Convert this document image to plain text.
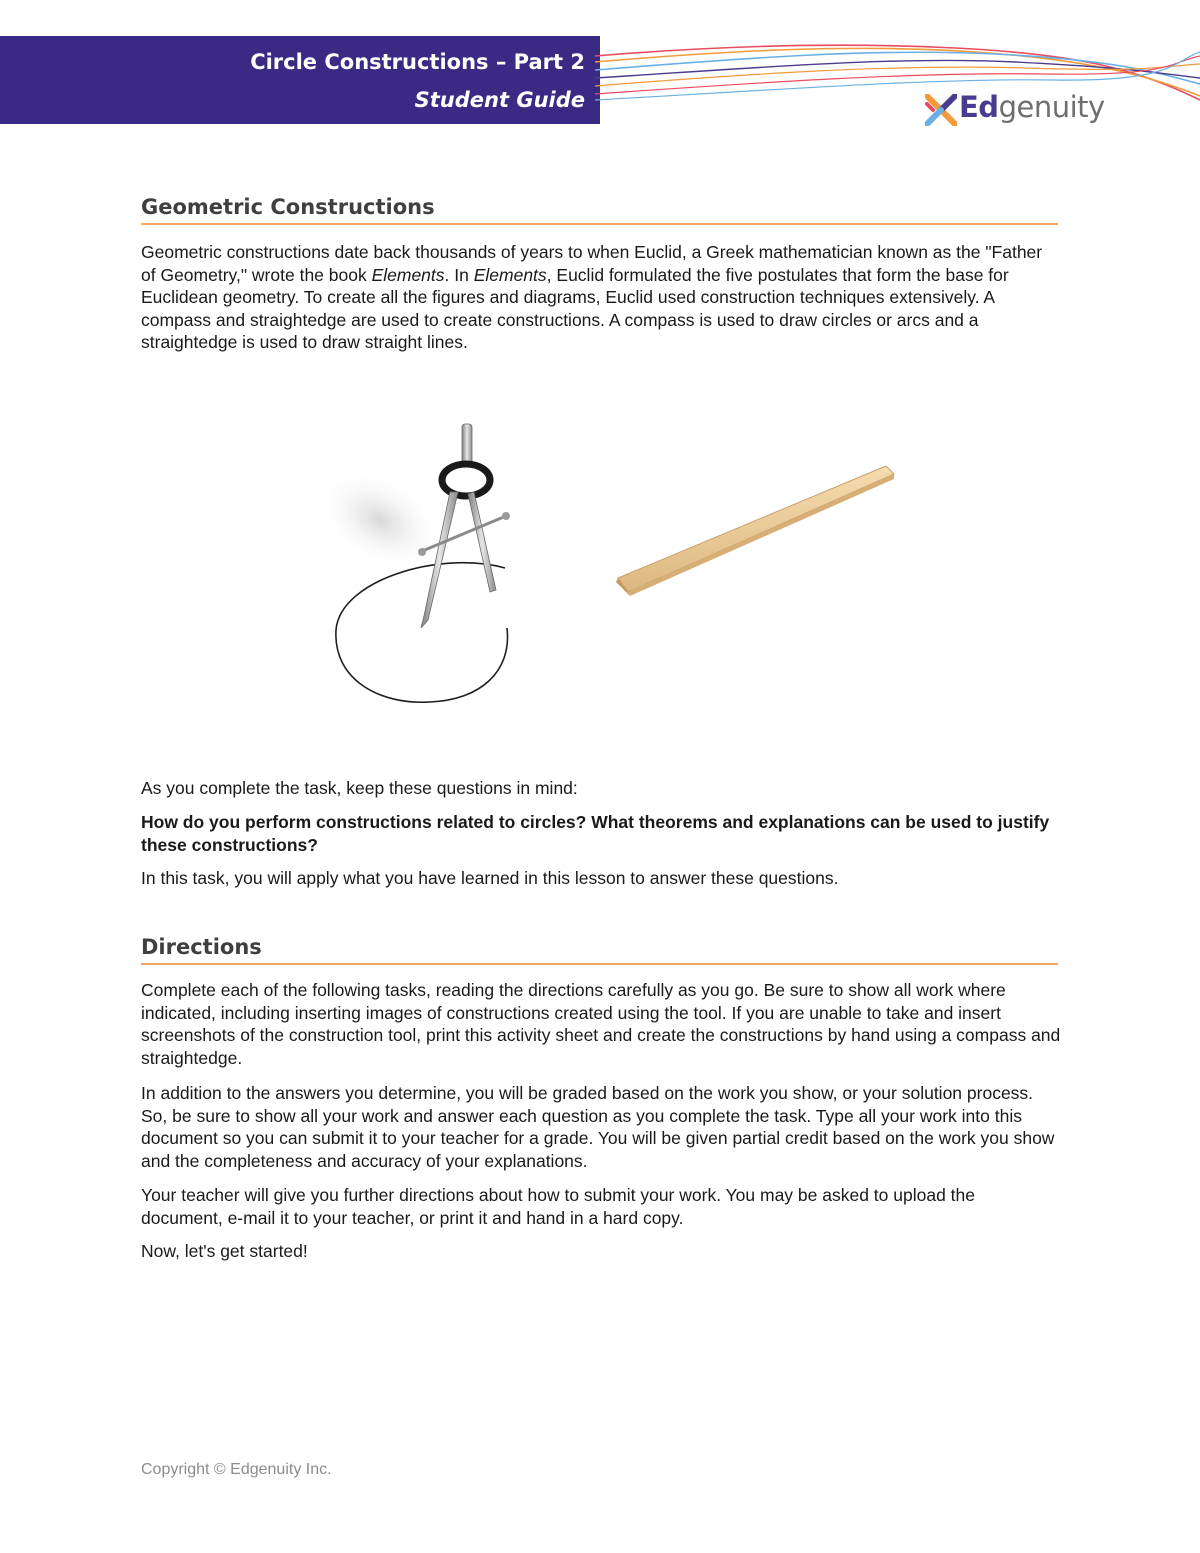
Circle Constructions – Part 2
Student Guide	Edgenuity
Geometric Constructions
Geometric constructions date back thousands of years to when Euclid, a Greek mathematician known as the "Father of Geometry," wrote the book Elements. In Elements, Euclid formulated the five postulates that form the base for Euclidean geometry. To create all the figures and diagrams, Euclid used construction techniques extensively. A compass and straightedge are used to create constructions. A compass is used to draw circles or arcs and a straightedge is used to draw straight lines.
As you complete the task, keep these questions in mind:
How do you perform constructions related to circles? What theorems and explanations can be used to justify these constructions?
In this task, you will apply what you have learned in this lesson to answer these questions.
Directions
Complete each of the following tasks, reading the directions carefully as you go. Be sure to show all work where indicated, including inserting images of constructions created using the tool. If you are unable to take and insert screenshots of the construction tool, print this activity sheet and create the constructions by hand using a compass and straightedge.
In addition to the answers you determine, you will be graded based on the work you show, or your solution process. So, be sure to show all your work and answer each question as you complete the task. Type all your work into this document so you can submit it to your teacher for a grade. You will be given partial credit based on the work you show and the completeness and accuracy of your explanations.
Your teacher will give you further directions about how to submit your work. You may be asked to upload the document, e-mail it to your teacher, or print it and hand in a hard copy.
Now, let's get started!
Copyright © Edgenuity Inc.
